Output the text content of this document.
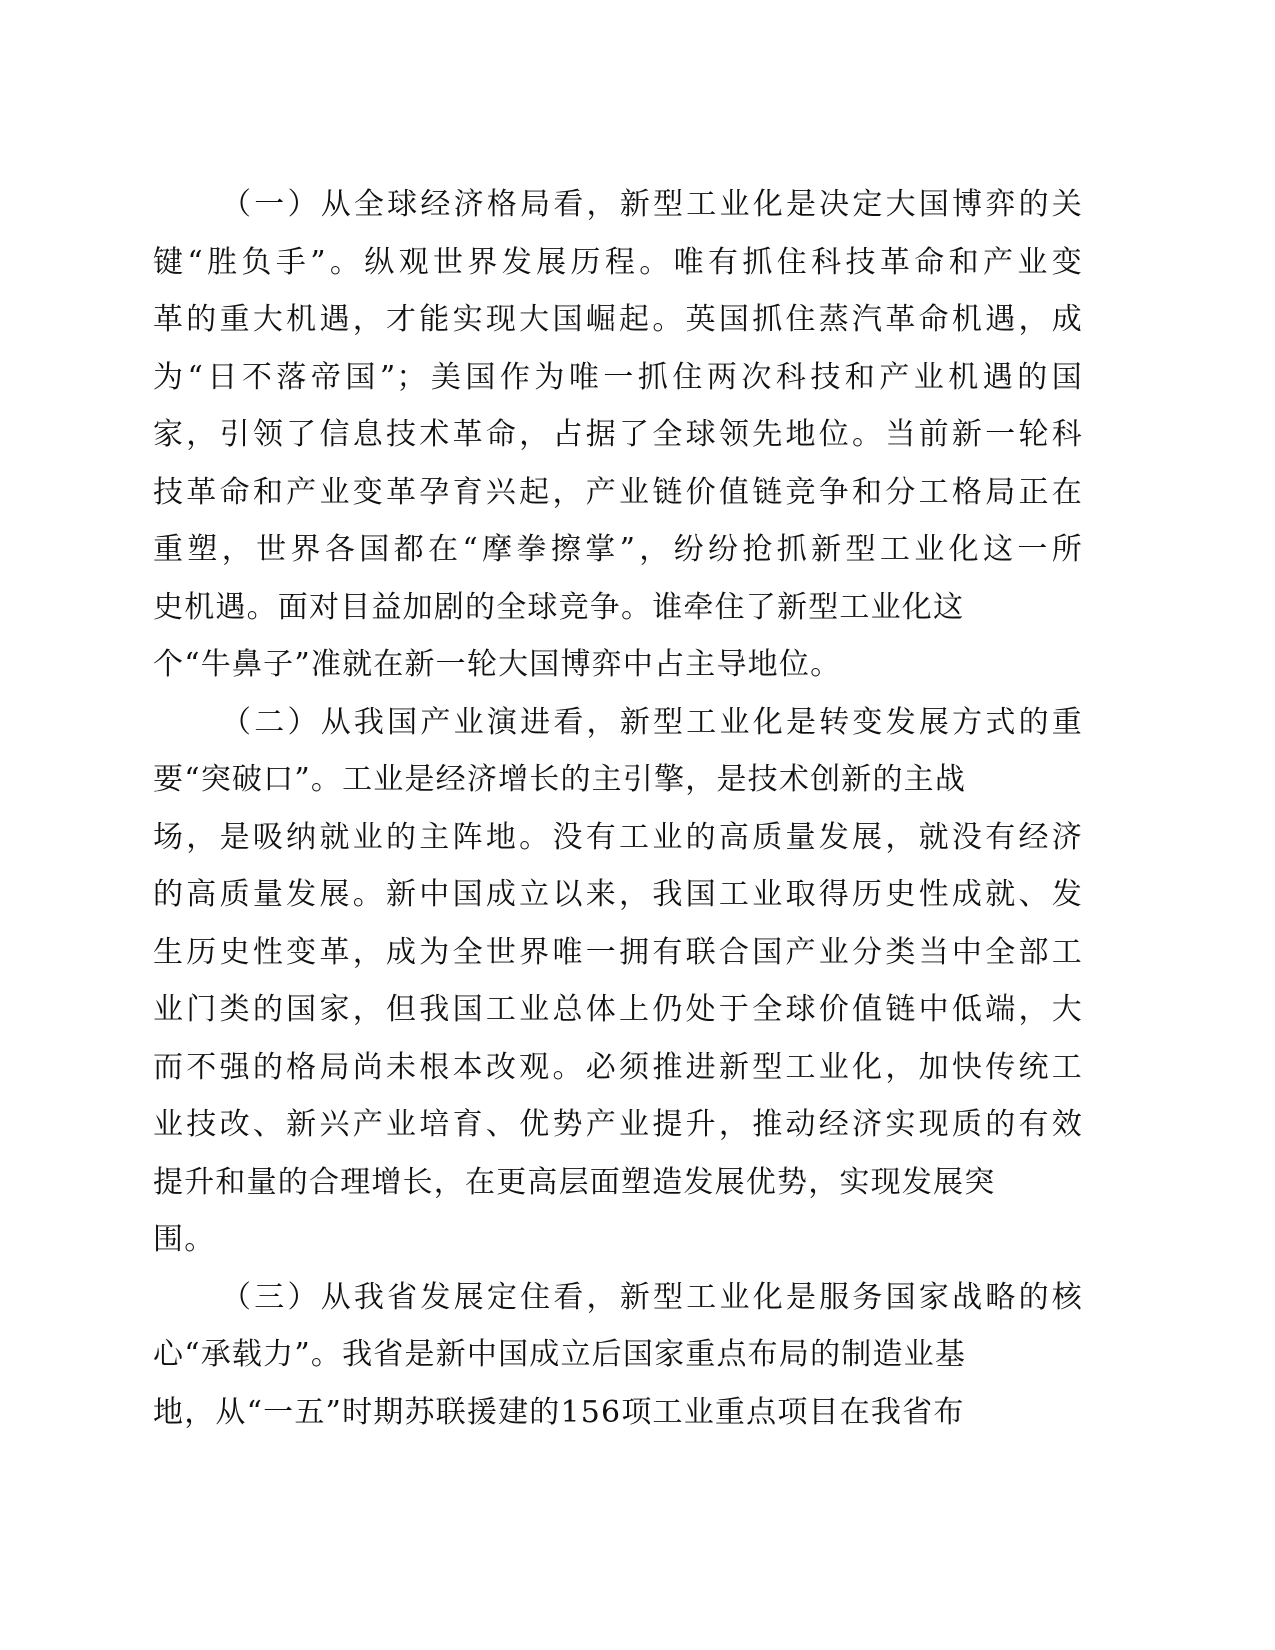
（一）从全球经济格局看，新型工业化是决定大国博弈的关
键“胜负手”。纵观世界发展历程。唯有抓住科技革命和产业变
革的重大机遇，才能实现大国崛起。英国抓住蒸汽革命机遇，成
为“日不落帝国”；美国作为唯一抓住两次科技和产业机遇的国
家，引领了信息技术革命，占据了全球领先地位。当前新一轮科
技革命和产业变革孕育兴起，产业链价值链竞争和分工格局正在
重塑，世界各国都在“摩拳擦掌”，纷纷抢抓新型工业化这一所
史机遇。面对目益加剧的全球竞争。谁牵住了新型工业化这
个“牛鼻子”准就在新一轮大国博弈中占主导地位。
（二）从我国产业演进看，新型工业化是转变发展方式的重
要“突破口”。工业是经济增长的主引擎，是技术创新的主战
场，是吸纳就业的主阵地。没有工业的高质量发展，就没有经济
的高质量发展。新中国成立以来，我国工业取得历史性成就、发
生历史性变革，成为全世界唯一拥有联合国产业分类当中全部工
业门类的国家，但我国工业总体上仍处于全球价值链中低端，大
而不强的格局尚未根本改观。必须推进新型工业化，加快传统工
业技改、新兴产业培育、优势产业提升，推动经济实现质的有效
提升和量的合理增长，在更高层面塑造发展优势，实现发展突
围。
（三）从我省发展定住看，新型工业化是服务国家战略的核
心“承载力”。我省是新中国成立后国家重点布局的制造业基
地，从“一五”时期苏联援建的156项工业重点项目在我省布
